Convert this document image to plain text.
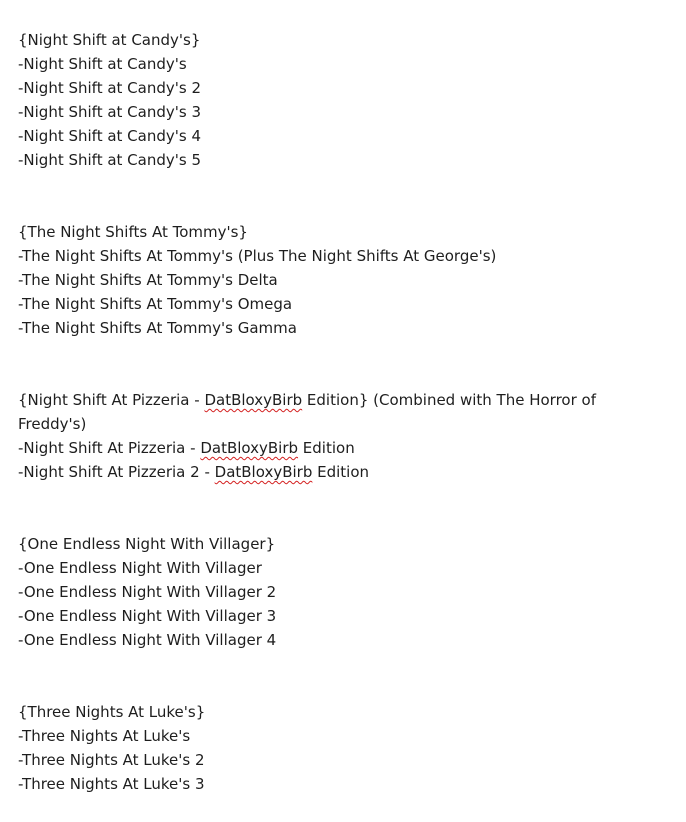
{Night Shift at Candy's}
-Night Shift at Candy's
-Night Shift at Candy's 2
-Night Shift at Candy's 3
-Night Shift at Candy's 4
-Night Shift at Candy's 5
{The Night Shifts At Tommy's}
-The Night Shifts At Tommy's (Plus The Night Shifts At George's)
-The Night Shifts At Tommy's Delta
-The Night Shifts At Tommy's Omega
-The Night Shifts At Tommy's Gamma
{Night Shift At Pizzeria - DatBloxyBirb Edition} (Combined with The Horror of Freddy's)
-Night Shift At Pizzeria - DatBloxyBirb Edition
-Night Shift At Pizzeria 2 - DatBloxyBirb Edition
{One Endless Night With Villager}
-One Endless Night With Villager
-One Endless Night With Villager 2
-One Endless Night With Villager 3
-One Endless Night With Villager 4
{Three Nights At Luke's}
-Three Nights At Luke's
-Three Nights At Luke's 2
-Three Nights At Luke's 3
